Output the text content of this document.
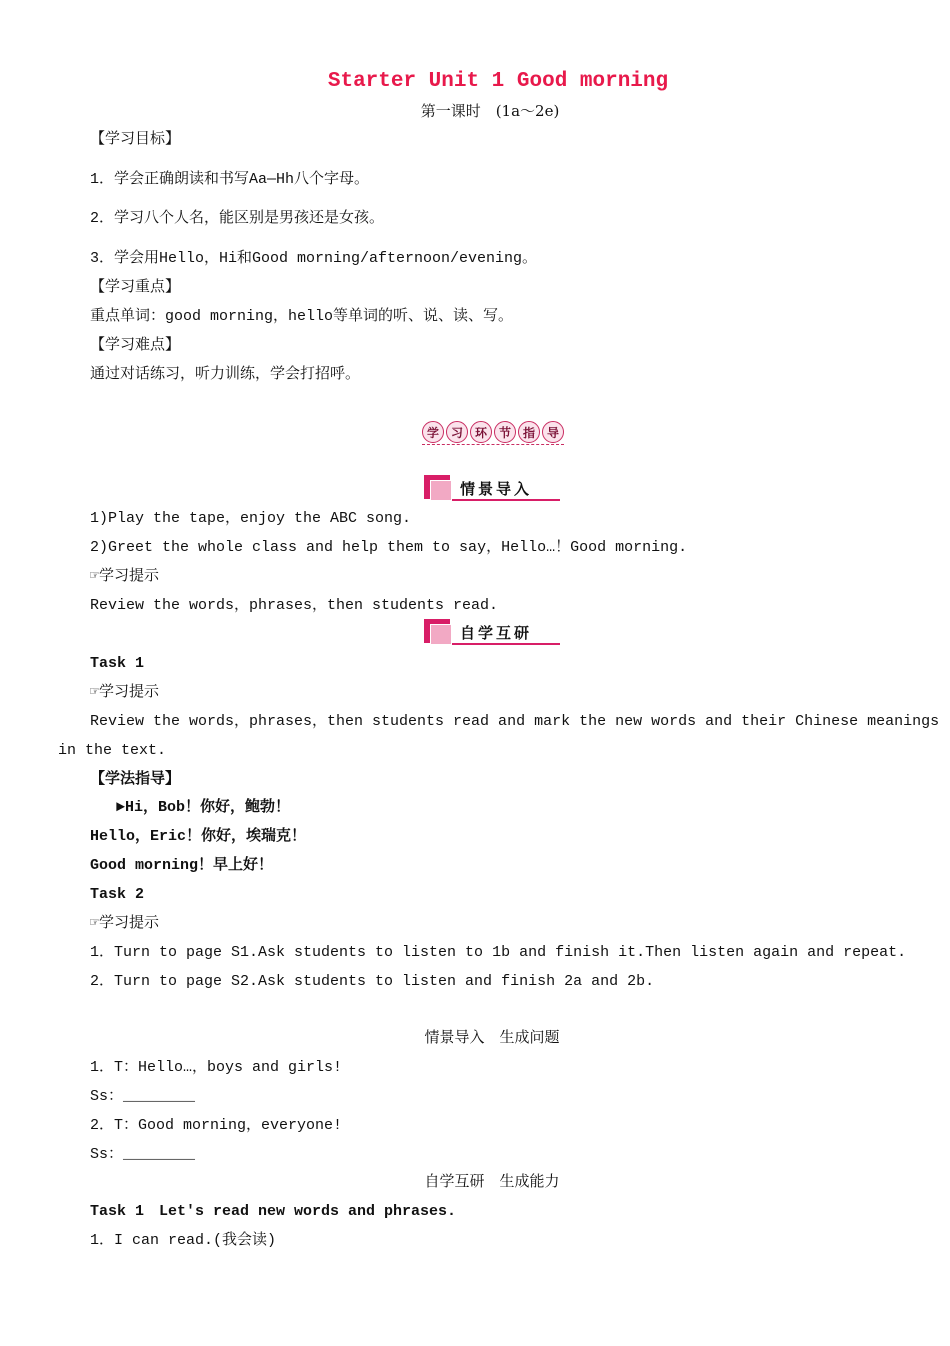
Starter Unit 1 Good morning
第一课时　(1a～2e)
【学习目标】
1．学会正确朗读和书写Aa—Hh八个字母。
2．学习八个人名，能区别是男孩还是女孩。
3．学会用Hello，Hi和Good morning/afternoon/evening。
【学习重点】
重点单词：good morning，hello等单词的听、说、读、写。
【学习难点】
通过对话练习，听力训练，学会打招呼。
学 习 环 节 指 导
情景导入
1)Play the tape，enjoy the ABC song.
2)Greet the whole class and help them to say，Hello…！Good morning.
☞学习提示
Review the words，phrases，then students read.
自学互研
Task 1
☞学习提示
Review the words，phrases，then students read and mark the new words and their Chinese meanings
in the text.
【学法指导】
►Hi，Bob！你好，鲍勃！
Hello，Eric！你好，埃瑞克！
Good morning！早上好！
Task 2
☞学习提示
1．Turn to page S1.Ask students to listen to 1b and finish it.Then listen again and repeat.
2．Turn to page S2.Ask students to listen and finish 2a and 2b.
情景导入　生成问题
1．T：Hello…，boys and girls!
Ss：________
2．T：Good morning，everyone!
Ss：________
自学互研　生成能力
Task 1　Let's read new words and phrases.
1．I can read.(我会读)
